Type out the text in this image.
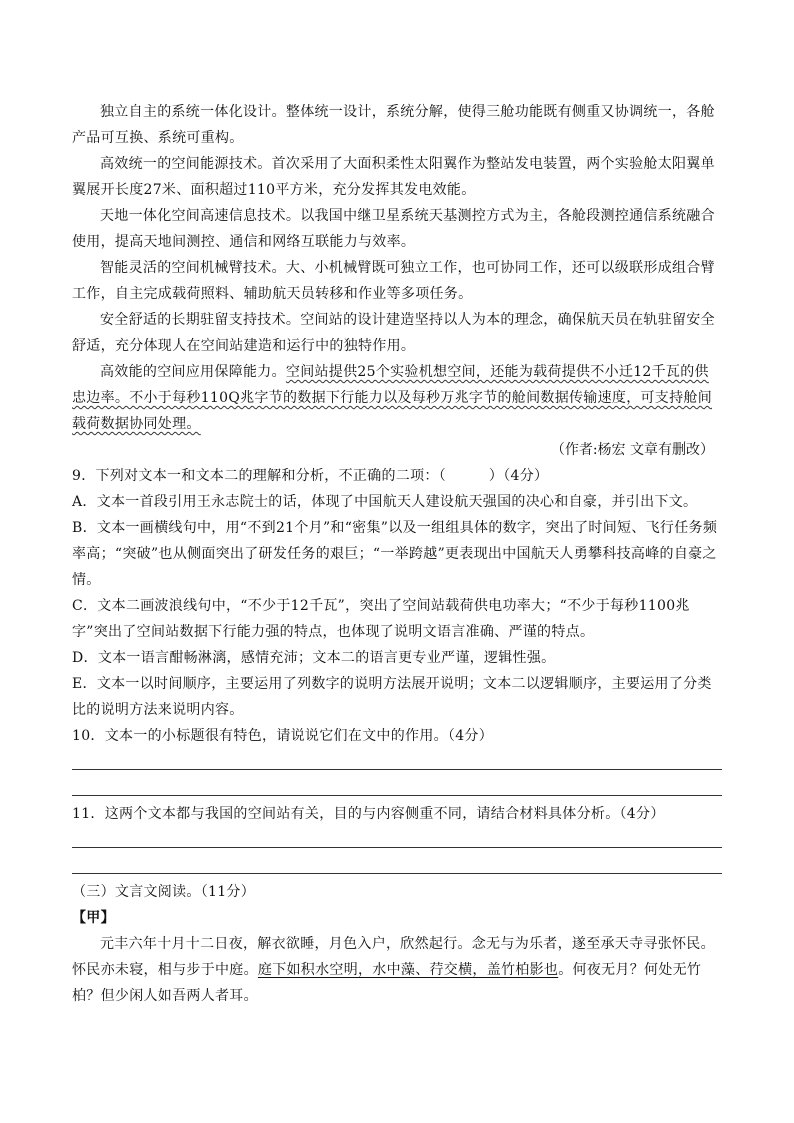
独立自主的系统一体化设计。整体统一设计，系统分解，使得三舱功能既有侧重又协调统一，各舱产品可互换、系统可重构。
高效统一的空间能源技术。首次采用了大面积柔性太阳翼作为整站发电装置，两个实验舱太阳翼单翼展开长度27米、面积超过110平方米，充分发挥其发电效能。
天地一体化空间高速信息技术。以我国中继卫星系统天基测控方式为主，各舱段测控通信系统融合使用，提高天地间测控、通信和网络互联能力与效率。
智能灵活的空间机械臂技术。大、小机械臂既可独立工作，也可协同工作，还可以级联形成组合臂工作，自主完成载荷照料、辅助航天员转移和作业等多项任务。
安全舒适的长期驻留支持技术。空间站的设计建造坚持以人为本的理念，确保航天员在轨驻留安全舒适，充分体现人在空间站建造和运行中的独特作用。
高效能的空间应用保障能力。空间站提供25个实验机想空间，还能为载荷提供不小迁12千瓦的供忠边率。不小于每秒110Q兆字节的数据下行能力以及每秒万兆字节的舱间数据传输速度，可支持舱间载荷数据协同处理。
（作者:杨宏 文章有删改）
9．下列对文本一和文本二的理解和分析，不正确的二项：（　　　）（4分）
A．文本一首段引用王永志院士的话，体现了中国航天人建设航天强国的决心和自豪，并引出下文。
B．文本一画横线句中，用“不到21个月”和“密集”以及一组组具体的数字，突出了时间短、飞行任务频率高；“突破”也从侧面突出了研发任务的艰巨；“一举跨越”更表现出中国航天人勇攀科技高峰的自豪之情。
C．文本二画波浪线句中，“不少于12千瓦”，突出了空间站载荷供电功率大；“不少于每秒1100兆字”突出了空间站数据下行能力强的特点，也体现了说明文语言准确、严谨的特点。
D．文本一语言酣畅淋漓，感情充沛；文本二的语言更专业严谨，逻辑性强。
E．文本一以时间顺序，主要运用了列数字的说明方法展开说明；文本二以逻辑顺序，主要运用了分类比的说明方法来说明内容。
10．文本一的小标题很有特色，请说说它们在文中的作用。（4分）
11．这两个文本都与我国的空间站有关，目的与内容侧重不同，请结合材料具体分析。（4分）
（三）文言文阅读。（11分）
【甲】
元丰六年十月十二日夜，解衣欲睡，月色入户，欣然起行。念无与为乐者，遂至承天寺寻张怀民。怀民亦未寝，相与步于中庭。庭下如积水空明，水中藻、荇交横，盖竹柏影也。何夜无月？何处无竹柏？但少闲人如吾两人者耳。
